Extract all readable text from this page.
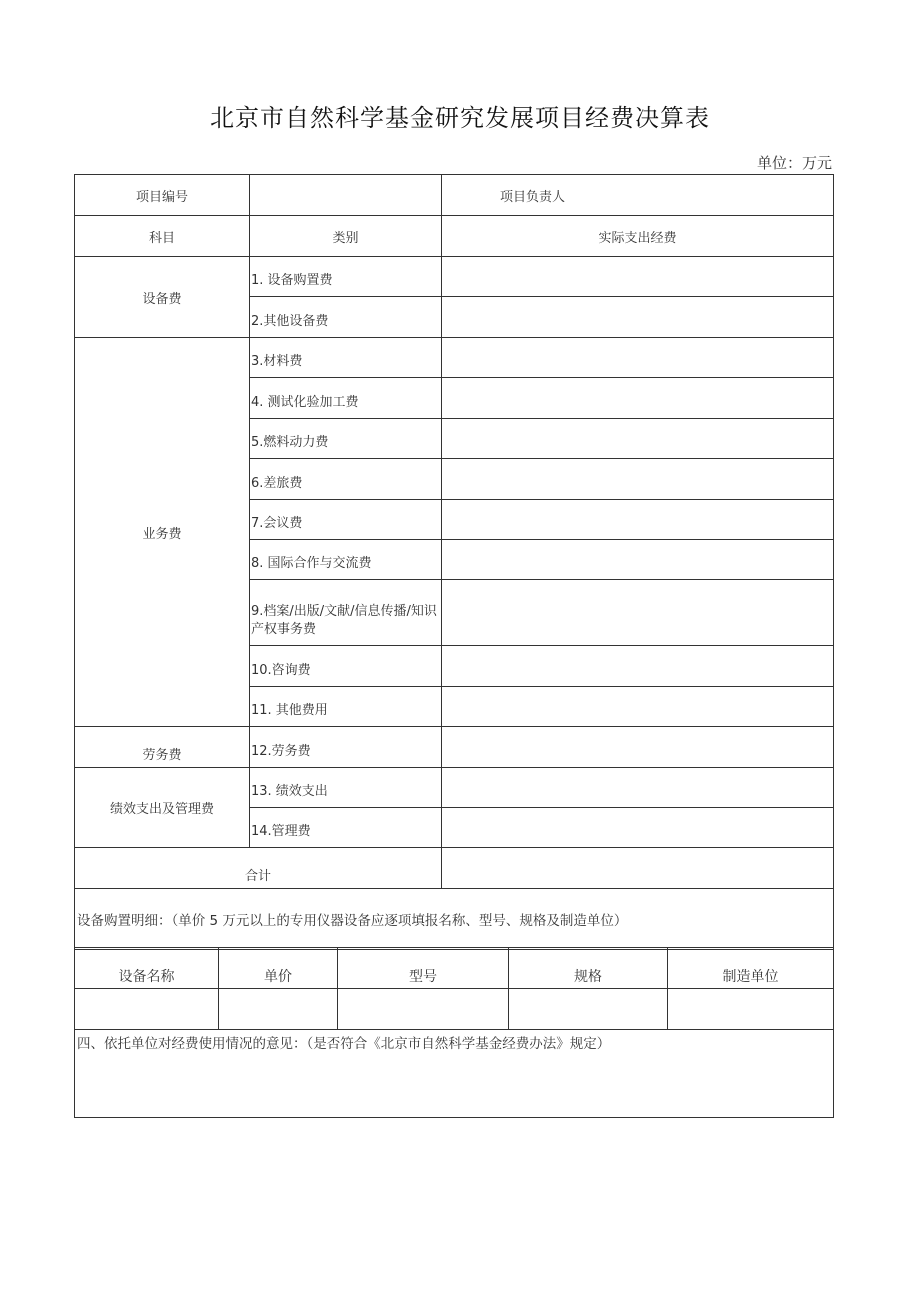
北京市自然科学基金研究发展项目经费决算表
单位：万元
项目编号		项目负责人
科目	类别	实际支出经费
设备费	1. 设备购置费	
	2.其他设备费	
业务费	3.材料费	
	4. 测试化验加工费	
	5.燃料动力费	
	6.差旅费	
	7.会议费	
	8. 国际合作与交流费	
	9.档案/出版/文献/信息传播/知识产权事务费	
	10.咨询费	
	11. 其他费用	
劳务费	12.劳务费	
绩效支出及管理费	13. 绩效支出	
	14.管理费	
合计		
设备购置明细：（单价 5 万元以上的专用仪器设备应逐项填报名称、型号、规格及制造单位）		
设备名称	单价	型号	规格	制造单位

四、依托单位对经费使用情况的意见：（是否符合《北京市自然科学基金经费办法》规定）				
